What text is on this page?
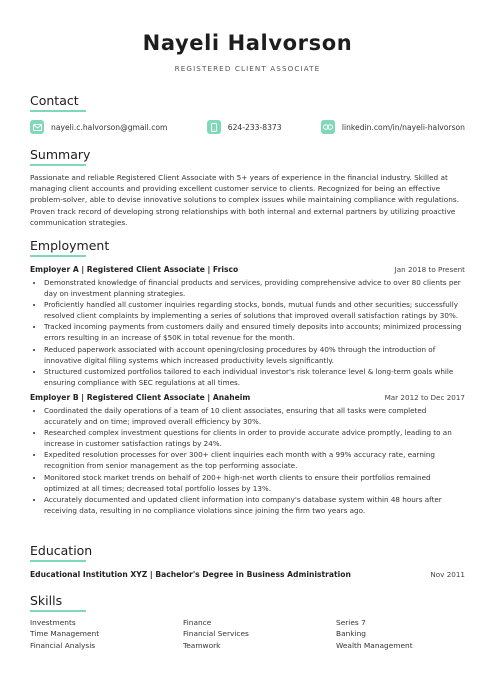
Nayeli Halvorson
REGISTERED CLIENT ASSOCIATE
Contact
nayeli.c.halvorson@gmail.com	624-233-8373	linkedin.com/in/nayeli-halvorson
Summary
Passionate and reliable Registered Client Associate with 5+ years of experience in the financial industry. Skilled at managing client accounts and providing excellent customer service to clients. Recognized for being an effective problem-solver, able to devise innovative solutions to complex issues while maintaining compliance with regulations. Proven track record of developing strong relationships with both internal and external partners by utilizing proactive communication strategies.
Employment
Employer A | Registered Client Associate | Frisco	Jan 2018 to Present
• Demonstrated knowledge of financial products and services, providing comprehensive advice to over 80 clients per day on investment planning strategies.
• Proficiently handled all customer inquiries regarding stocks, bonds, mutual funds and other securities; successfully resolved client complaints by implementing a series of solutions that improved overall satisfaction ratings by 30%.
• Tracked incoming payments from customers daily and ensured timely deposits into accounts; minimized processing errors resulting in an increase of $50K in total revenue for the month.
• Reduced paperwork associated with account opening/closing procedures by 40% through the introduction of innovative digital filing systems which increased productivity levels significantly.
• Structured customized portfolios tailored to each individual investor's risk tolerance level & long-term goals while ensuring compliance with SEC regulations at all times.
Employer B | Registered Client Associate | Anaheim	Mar 2012 to Dec 2017
• Coordinated the daily operations of a team of 10 client associates, ensuring that all tasks were completed accurately and on time; improved overall efficiency by 30%.
• Researched complex investment questions for clients in order to provide accurate advice promptly, leading to an increase in customer satisfaction ratings by 24%.
• Expedited resolution processes for over 300+ client inquiries each month with a 99% accuracy rate, earning recognition from senior management as the top performing associate.
• Monitored stock market trends on behalf of 200+ high-net worth clients to ensure their portfolios remained optimized at all times; decreased total portfolio losses by 13%.
• Accurately documented and updated client information into company's database system within 48 hours after receiving data, resulting in no compliance violations since joining the firm two years ago.
Education
Educational Institution XYZ | Bachelor's Degree in Business Administration	Nov 2011
Skills
Investments	Finance	Series 7
Time Management	Financial Services	Banking
Financial Analysis	Teamwork	Wealth Management
